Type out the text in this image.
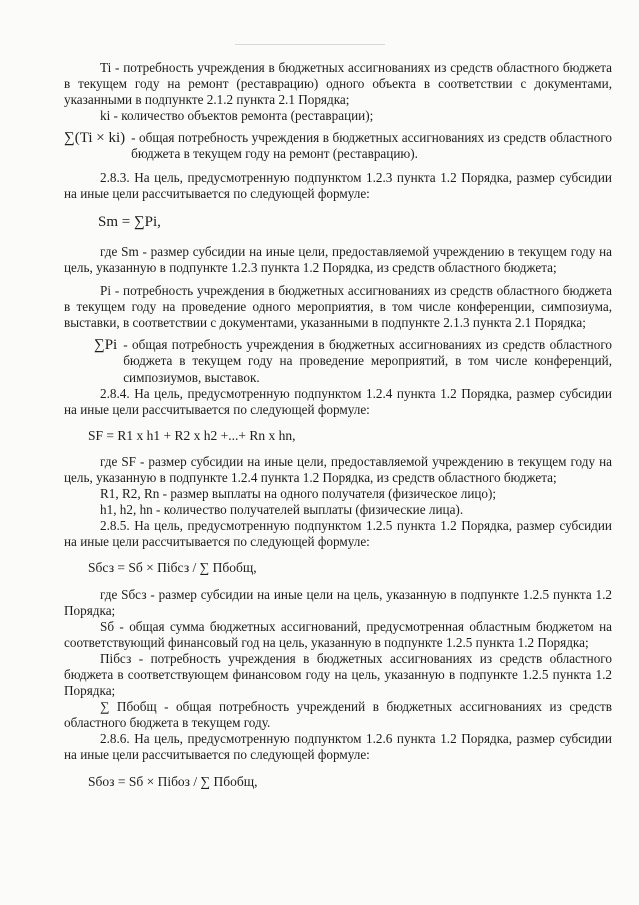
Ti - потребность учреждения в бюджетных ассигнованиях из средств областного бюджета в текущем году на ремонт (реставрацию) одного объекта в соответствии с документами, указанными в подпункте 2.1.2 пункта 2.1 Порядка;

ki - количество объектов ремонта (реставрации);

∑(Ti × ki) - общая потребность учреждения в бюджетных ассигнованиях из средств областного бюджета в текущем году на ремонт (реставрацию).

2.8.3. На цель, предусмотренную подпунктом 1.2.3 пункта 1.2 Порядка, размер субсидии на иные цели рассчитывается по следующей формуле:

Sm = ∑Pi,

где Sm - размер субсидии на иные цели, предоставляемой учреждению в текущем году на цель, указанную в подпункте 1.2.3 пункта 1.2 Порядка, из средств областного бюджета;

Pi - потребность учреждения в бюджетных ассигнованиях из средств областного бюджета в текущем году на проведение одного мероприятия, в том числе конференции, симпозиума, выставки, в соответствии с документами, указанными в подпункте 2.1.3 пункта 2.1 Порядка;

∑Pi - общая потребность учреждения в бюджетных ассигнованиях из средств областного бюджета в текущем году на проведение мероприятий, в том числе конференций, симпозиумов, выставок.

2.8.4. На цель, предусмотренную подпунктом 1.2.4 пункта 1.2 Порядка, размер субсидии на иные цели рассчитывается по следующей формуле:

SF = R1 x h1 + R2 x h2 +...+ Rn x hn,

где SF - размер субсидии на иные цели, предоставляемой учреждению в текущем году на цель, указанную в подпункте 1.2.4 пункта 1.2 Порядка, из средств областного бюджета;

R1, R2, Rn - размер выплаты на одного получателя (физическое лицо);

h1, h2, hn - количество получателей выплаты (физические лица).

2.8.5. На цель, предусмотренную подпунктом 1.2.5 пункта 1.2 Порядка, размер субсидии на иные цели рассчитывается по следующей формуле:

Sбсз = Sб × Пiбсз / ∑ Пбобщ,

где Sбсз - размер субсидии на иные цели на цель, указанную в подпункте 1.2.5 пункта 1.2 Порядка;

Sб - общая сумма бюджетных ассигнований, предусмотренная областным бюджетом на соответствующий финансовый год на цель, указанную в подпункте 1.2.5 пункта 1.2 Порядка;

Пiбсз - потребность учреждения в бюджетных ассигнованиях из средств областного бюджета в соответствующем финансовом году на цель, указанную в подпункте 1.2.5 пункта 1.2 Порядка;

∑ Пбобщ - общая потребность учреждений в бюджетных ассигнованиях из средств областного бюджета в текущем году.

2.8.6. На цель, предусмотренную подпунктом 1.2.6 пункта 1.2 Порядка, размер субсидии на иные цели рассчитывается по следующей формуле:

Sбоз = Sб × Пiбоз / ∑ Пбобщ,
